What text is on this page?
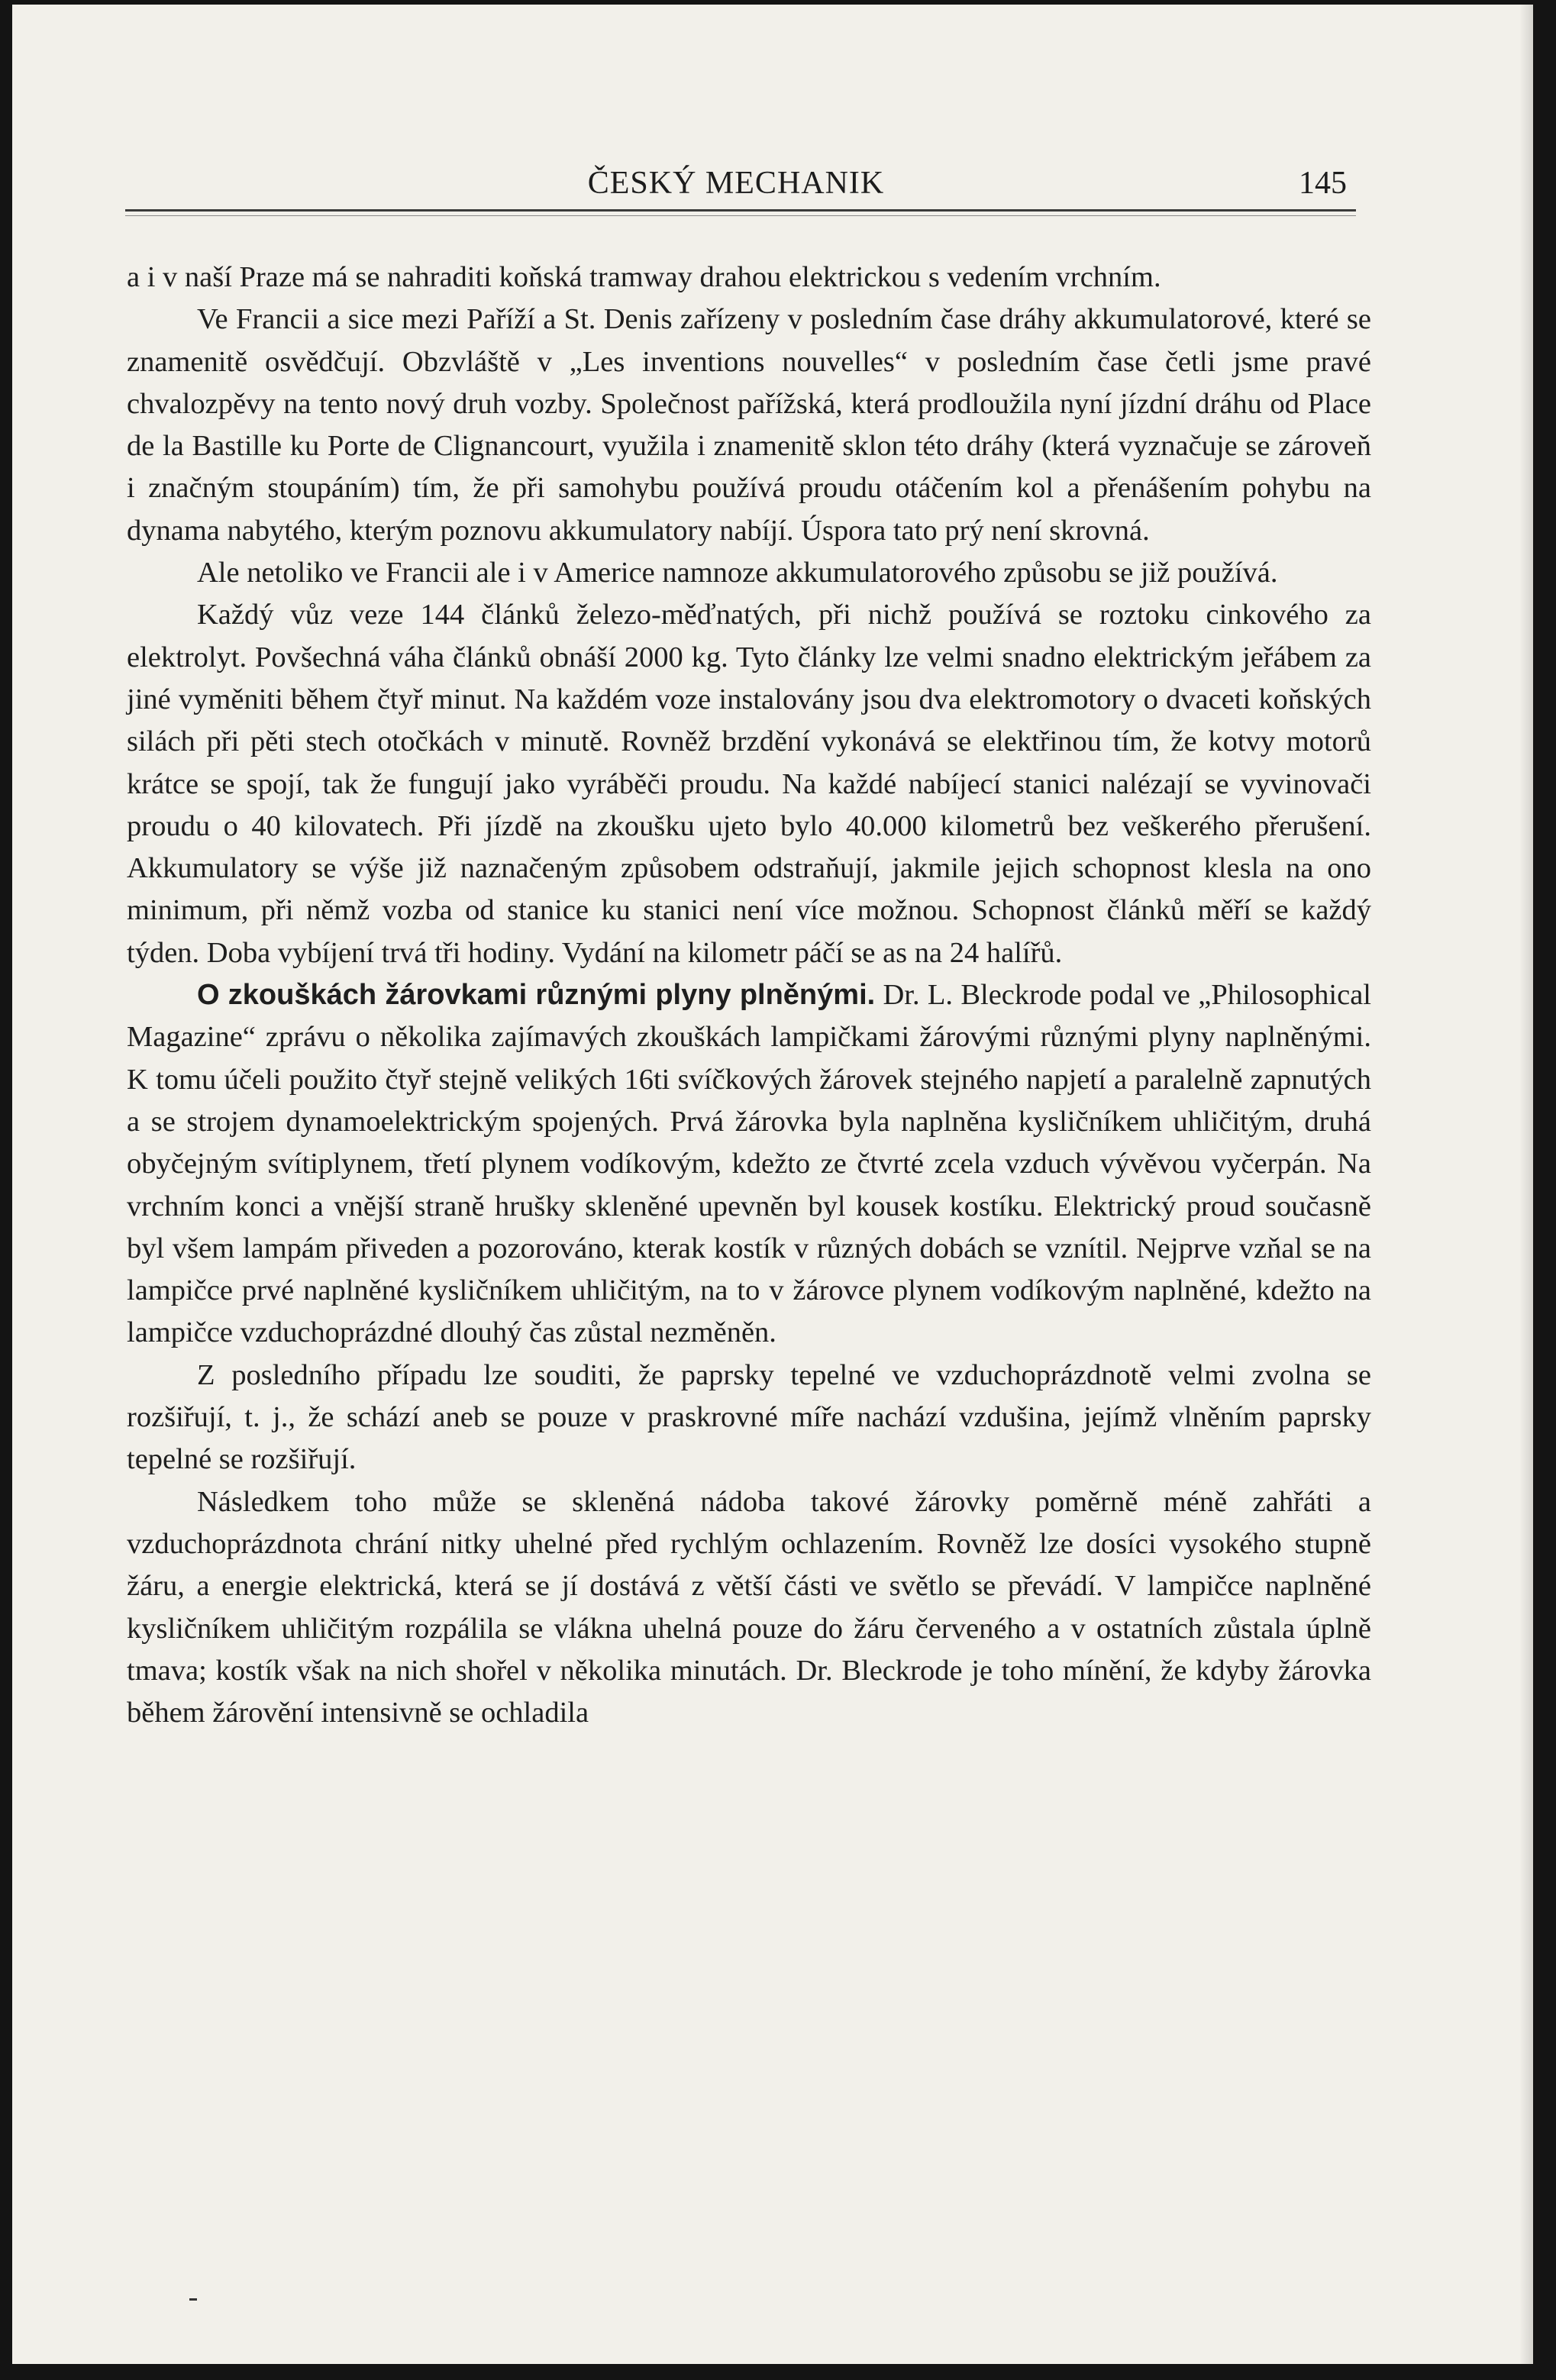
ČESKÝ MECHANIK	145

a i v naší Praze má se nahraditi koňská tramway drahou elektrickou s vedením vrchním.

Ve Francii a sice mezi Paříží a St. Denis zařízeny v posledním čase dráhy akkumulatorové, které se znamenitě osvědčují. Obzvláště v „Les inventions nouvelles“ v posledním čase četli jsme pravé chvalozpěvy na tento nový druh vozby. Společnost pařížská, která prodloužila nyní jízdní dráhu od Place de la Bastille ku Porte de Clignancourt, využila i znamenitě sklon této dráhy (která vyznačuje se zároveň i značným stoupáním) tím, že při samohybu používá proudu otáčením kol a přenášením pohybu na dynama nabytého, kterým poznovu akkumulatory nabíjí. Úspora tato prý není skrovná.

Ale netoliko ve Francii ale i v Americe namnoze akkumulatorového způsobu se již používá.

Každý vůz veze 144 článků železo-měďnatých, při nichž používá se roztoku cinkového za elektrolyt. Povšechná váha článků obnáší 2000 kg. Tyto články lze velmi snadno elektrickým jeřábem za jiné vyměniti během čtyř minut. Na každém voze instalovány jsou dva elektromotory o dvaceti koňských silách při pěti stech otočkách v minutě. Rovněž brzdění vykonává se elektřinou tím, že kotvy motorů krátce se spojí, tak že fungují jako vyráběči proudu. Na každé nabíjecí stanici nalézají se vyvinovači proudu o 40 kilovatech. Při jízdě na zkoušku ujeto bylo 40.000 kilometrů bez veškerého přerušení. Akkumulatory se výše již naznačeným způsobem odstraňují, jakmile jejich schopnost klesla na ono minimum, při němž vozba od stanice ku stanici není více možnou. Schopnost článků měří se každý týden. Doba vybíjení trvá tři hodiny. Vydání na kilometr páčí se as na 24 halířů.

O zkouškách žárovkami různými plyny plněnými. Dr. L. Bleckrode podal ve „Philosophical Magazine“ zprávu o několika zajímavých zkouškách lampičkami žárovými různými plyny naplněnými. K tomu účeli použito čtyř stejně velikých 16ti svíčkových žárovek stejného napjetí a paralelně zapnutých a se strojem dynamoelektrickým spojených. Prvá žárovka byla naplněna kysličníkem uhličitým, druhá obyčejným svítiplynem, třetí plynem vodíkovým, kdežto ze čtvrté zcela vzduch vývěvou vyčerpán. Na vrchním konci a vnější straně hrušky skleněné upevněn byl kousek kostíku. Elektrický proud současně byl všem lampám přiveden a pozorováno, kterak kostík v různých dobách se vznítil. Nejprve vzňal se na lampičce prvé naplněné kysličníkem uhličitým, na to v žárovce plynem vodíkovým naplněné, kdežto na lampičce vzduchoprázdné dlouhý čas zůstal nezměněn.

Z posledního případu lze souditi, že paprsky tepelné ve vzduchoprázdnotě velmi zvolna se rozšiřují, t. j., že schází aneb se pouze v praskrovné míře nachází vzdušina, jejímž vlněním paprsky tepelné se rozšiřují.

Následkem toho může se skleněná nádoba takové žárovky poměrně méně zahřáti a vzduchoprázdnota chrání nitky uhelné před rychlým ochlazením. Rovněž lze dosíci vysokého stupně žáru, a energie elektrická, která se jí dostává z větší části ve světlo se převádí. V lampičce naplněné kysličníkem uhličitým rozpálila se vlákna uhelná pouze do žáru červeného a v ostatních zůstala úplně tmava; kostík však na nich shořel v několika minutách. Dr. Bleckrode je toho mínění, že kdyby žárovka během žárovění intensivně se ochladila
